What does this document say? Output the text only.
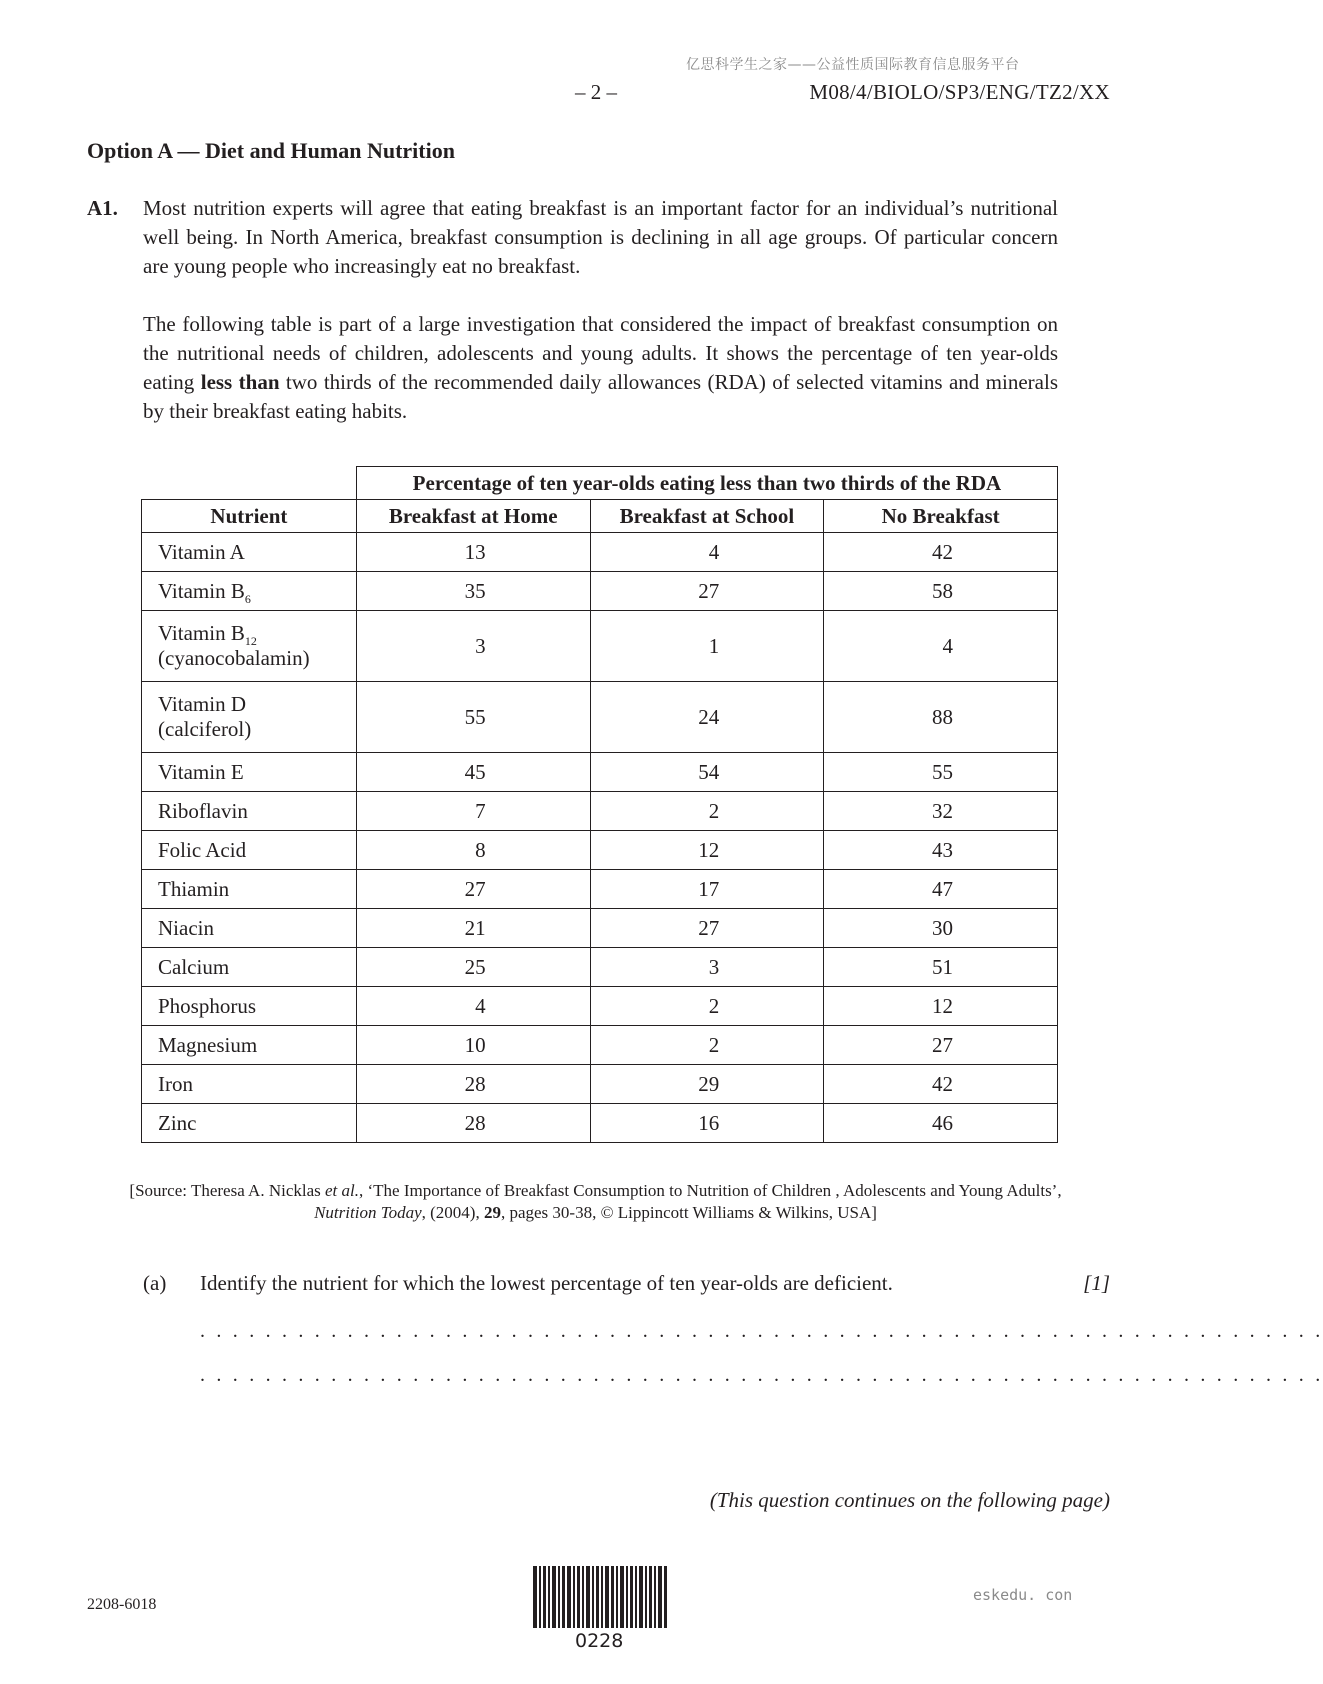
亿思科学生之家——公益性质国际教育信息服务平台
– 2 –	M08/4/BIOLO/SP3/ENG/TZ2/XX
Option A — Diet and Human Nutrition
A1. Most nutrition experts will agree that eating breakfast is an important factor for an individual’s nutritional well being. In North America, breakfast consumption is declining in all age groups. Of particular concern are young people who increasingly eat no breakfast.
The following table is part of a large investigation that considered the impact of breakfast consumption on the nutritional needs of children, adolescents and young adults. It shows the percentage of ten year-olds eating less than two thirds of the recommended daily allowances (RDA) of selected vitamins and minerals by their breakfast eating habits.
	Percentage of ten year-olds eating less than two thirds of the RDA		
Nutrient	Breakfast at Home	Breakfast at School	No Breakfast
Vitamin A	13	4	42
Vitamin $B_6$	35	27	58
Vitamin $B_{12}$
(cyanocobalamin)	3	1	4
Vitamin D
(calciferol)	55	24	88
Vitamin E	45	54	55
Riboflavin	7	2	32
Folic Acid	8	12	43
Thiamin	27	17	47
Niacin	21	27	30
Calcium	25	3	51
Phosphorus	4	2	12
Magnesium	10	2	27
Iron	28	29	42
Zinc	28	16	46
[Source: Theresa A. Nicklas et al., ‘The Importance of Breakfast Consumption to Nutrition of Children , Adolescents and Young Adults’,
Nutrition Today, (2004), 29, pages 30-38, © Lippincott Williams & Wilkins, USA]
(a) Identify the nutrient for which the lowest percentage of ten year-olds are deficient.	[1]
. . . . . . . . . . . . . . . . . . . . . . . . . . . . . . . . . . . . . . . . . . . . . . . . . . . . . . . . . . . . . . . . . . . . .
. . . . . . . . . . . . . . . . . . . . . . . . . . . . . . . . . . . . . . . . . . . . . . . . . . . . . . . . . . . . . . . . . . . . .
(This question continues on the following page)
2208-6018
0228
eskedu. con
